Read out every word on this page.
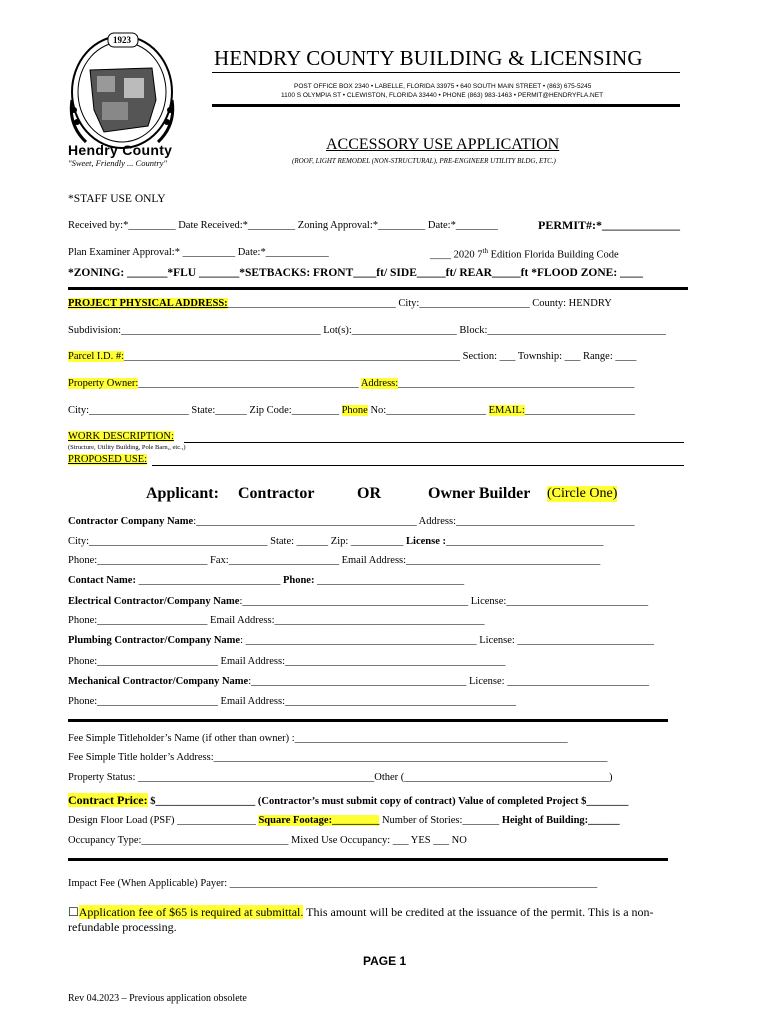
1923
Hendry County
"Sweet, Friendly ... Country"
HENDRY COUNTY BUILDING & LICENSING
POST OFFICE BOX 2340 • LABELLE, FLORIDA 33975 • 640 SOUTH MAIN STREET • (863) 675-5245
1100 S OLYMPIA ST • CLEWISTON, FLORIDA 33440 • PHONE (863) 983-1463 • PERMIT@HENDRYFLA.NET
ACCESSORY USE APPLICATION
(ROOF, LIGHT REMODEL (NON-STRUCTURAL), PRE-ENGINEER UTILITY BLDG, ETC.)
*STAFF USE ONLY
Received by:*_________ Date Received:*_________ Zoning Approval:*_________ Date:*________	PERMIT#:*_____________
Plan Examiner Approval:* __________ Date:*____________	____ 2020 7th Edition Florida Building Code
*ZONING: _______*FLU _______*SETBACKS: FRONT____ft/ SIDE_____ft/ REAR_____ft *FLOOD ZONE: ____
PROJECT PHYSICAL ADDRESS:________________________________ City:_____________________ County: HENDRY
Subdivision:______________________________________ Lot(s):____________________ Block:__________________________________
Parcel I.D. #:________________________________________________________________ Section: ___ Township: ___ Range: ____
Property Owner:__________________________________________ Address:_____________________________________________
City:___________________ State:______ Zip Code:_________ Phone No:___________________ EMAIL:_____________________
WORK DESCRIPTION:
(Structure, Utility Building, Pole Barn,, etc.,)
PROPOSED USE:
Applicant: Contractor	OR	Owner Builder (Circle One)
Contractor Company Name:__________________________________________ Address:__________________________________
City:__________________________________ State: ______ Zip: __________ License :______________________________
Phone:_____________________ Fax:_____________________ Email Address:_____________________________________
Contact Name: ___________________________ Phone: ____________________________
Electrical Contractor/Company Name:___________________________________________ License:___________________________
Phone:_____________________ Email Address:________________________________________
Plumbing Contractor/Company Name: ____________________________________________ License: __________________________
Phone:_______________________ Email Address:__________________________________________
Mechanical Contractor/Company Name:_________________________________________ License: ___________________________
Phone:_______________________ Email Address:____________________________________________
Fee Simple Titleholder’s Name (if other than owner) :____________________________________________________
Fee Simple Title holder’s Address:___________________________________________________________________________
Property Status: _____________________________________________Other (_______________________________________)
Contract Price: $___________________ (Contractor’s must submit copy of contract) Value of completed Project $________
Design Floor Load (PSF) _______________ Square Footage:_________ Number of Stories:_______ Height of Building:______
Occupancy Type:____________________________ Mixed Use Occupancy: ___ YES ___ NO
Impact Fee (When Applicable) Payer: ______________________________________________________________________
☐Application fee of $65 is required at submittal. This amount will be credited at the issuance of the permit. This is a non-
refundable processing.
PAGE 1
Rev 04.2023 – Previous application obsolete
